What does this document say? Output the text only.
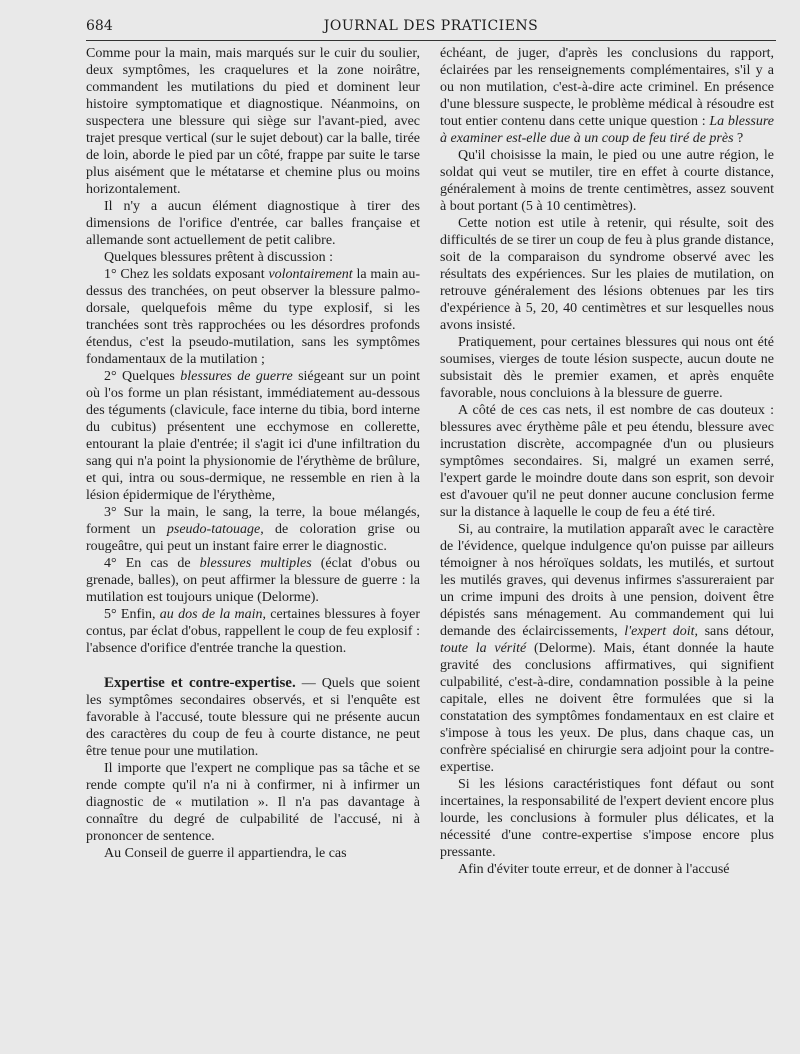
684	JOURNAL DES PRATICIENS

Comme pour la main, mais marqués sur le cuir du soulier, deux symptômes, les craquelures et la zone noirâtre, commandent les mutilations du pied et dominent leur histoire symptomatique et diagnostique. Néanmoins, on suspectera une blessure qui siège sur l'avant-pied, avec trajet presque vertical (sur le sujet debout) car la balle, tirée de loin, aborde le pied par un côté, frappe par suite le tarse plus aisément que le métatarse et chemine plus ou moins horizontalement.

Il n'y a aucun élément diagnostique à tirer des dimensions de l'orifice d'entrée, car balles française et allemande sont actuellement de petit calibre.

Quelques blessures prêtent à discussion :

1° Chez les soldats exposant volontairement la main au-dessus des tranchées, on peut observer la blessure palmo-dorsale, quelquefois même du type explosif, si les tranchées sont très rapprochées ou les désordres profonds étendus, c'est la pseudo-mutilation, sans les symptômes fondamentaux de la mutilation ;

2° Quelques blessures de guerre siégeant sur un point où l'os forme un plan résistant, immédiatement au-dessous des téguments (clavicule, face interne du tibia, bord interne du cubitus) présentent une ecchymose en collerette, entourant la plaie d'entrée; il s'agit ici d'une infiltration du sang qui n'a point la physionomie de l'érythème de brûlure, et qui, intra ou sous-dermique, ne ressemble en rien à la lésion épidermique de l'érythème,

3° Sur la main, le sang, la terre, la boue mélangés, forment un pseudo-tatouage, de coloration grise ou rougeâtre, qui peut un instant faire errer le diagnostic.

4° En cas de blessures multiples (éclat d'obus ou grenade, balles), on peut affirmer la blessure de guerre : la mutilation est toujours unique (Delorme).

5° Enfin, au dos de la main, certaines blessures à foyer contus, par éclat d'obus, rappellent le coup de feu explosif : l'absence d'orifice d'entrée tranche la question.

Expertise et contre-expertise. — Quels que soient les symptômes secondaires observés, et si l'enquête est favorable à l'accusé, toute blessure qui ne présente aucun des caractères du coup de feu à courte distance, ne peut être tenue pour une mutilation.

Il importe que l'expert ne complique pas sa tâche et se rende compte qu'il n'a ni à confirmer, ni à infirmer un diagnostic de « mutilation ». Il n'a pas davantage à connaître du degré de culpabilité de l'accusé, ni à prononcer de sentence.

Au Conseil de guerre il appartiendra, le cas

échéant, de juger, d'après les conclusions du rapport, éclairées par les renseignements complémentaires, s'il y a ou non mutilation, c'est-à-dire acte criminel. En présence d'une blessure suspecte, le problème médical à résoudre est tout entier contenu dans cette unique question : La blessure à examiner est-elle due à un coup de feu tiré de près ?

Qu'il choisisse la main, le pied ou une autre région, le soldat qui veut se mutiler, tire en effet à courte distance, généralement à moins de trente centimètres, assez souvent à bout portant (5 à 10 centimètres).

Cette notion est utile à retenir, qui résulte, soit des difficultés de se tirer un coup de feu à plus grande distance, soit de la comparaison du syndrome observé avec les résultats des expériences. Sur les plaies de mutilation, on retrouve généralement des lésions obtenues par les tirs d'expérience à 5, 20, 40 centimètres et sur lesquelles nous avons insisté.

Pratiquement, pour certaines blessures qui nous ont été soumises, vierges de toute lésion suspecte, aucun doute ne subsistait dès le premier examen, et après enquête favorable, nous concluions à la blessure de guerre.

A côté de ces cas nets, il est nombre de cas douteux : blessures avec érythème pâle et peu étendu, blessure avec incrustation discrète, accompagnée d'un ou plusieurs symptômes secondaires. Si, malgré un examen serré, l'expert garde le moindre doute dans son esprit, son devoir est d'avouer qu'il ne peut donner aucune conclusion ferme sur la distance à laquelle le coup de feu a été tiré.

Si, au contraire, la mutilation apparaît avec le caractère de l'évidence, quelque indulgence qu'on puisse par ailleurs témoigner à nos héroïques soldats, les mutilés, et surtout les mutilés graves, qui devenus infirmes s'assureraient par un crime impuni des droits à une pension, doivent être dépistés sans ménagement. Au commandement qui lui demande des éclaircissements, l'expert doit, sans détour, toute la vérité (Delorme). Mais, étant donnée la haute gravité des conclusions affirmatives, qui signifient culpabilité, c'est-à-dire, condamnation possible à la peine capitale, elles ne doivent être formulées que si la constatation des symptômes fondamentaux en est claire et s'impose à tous les yeux. De plus, dans chaque cas, un confrère spécialisé en chirurgie sera adjoint pour la contre-expertise.

Si les lésions caractéristiques font défaut ou sont incertaines, la responsabilité de l'expert devient encore plus lourde, les conclusions à formuler plus délicates, et la nécessité d'une contre-expertise s'impose encore plus pressante.

Afin d'éviter toute erreur, et de donner à l'accusé
